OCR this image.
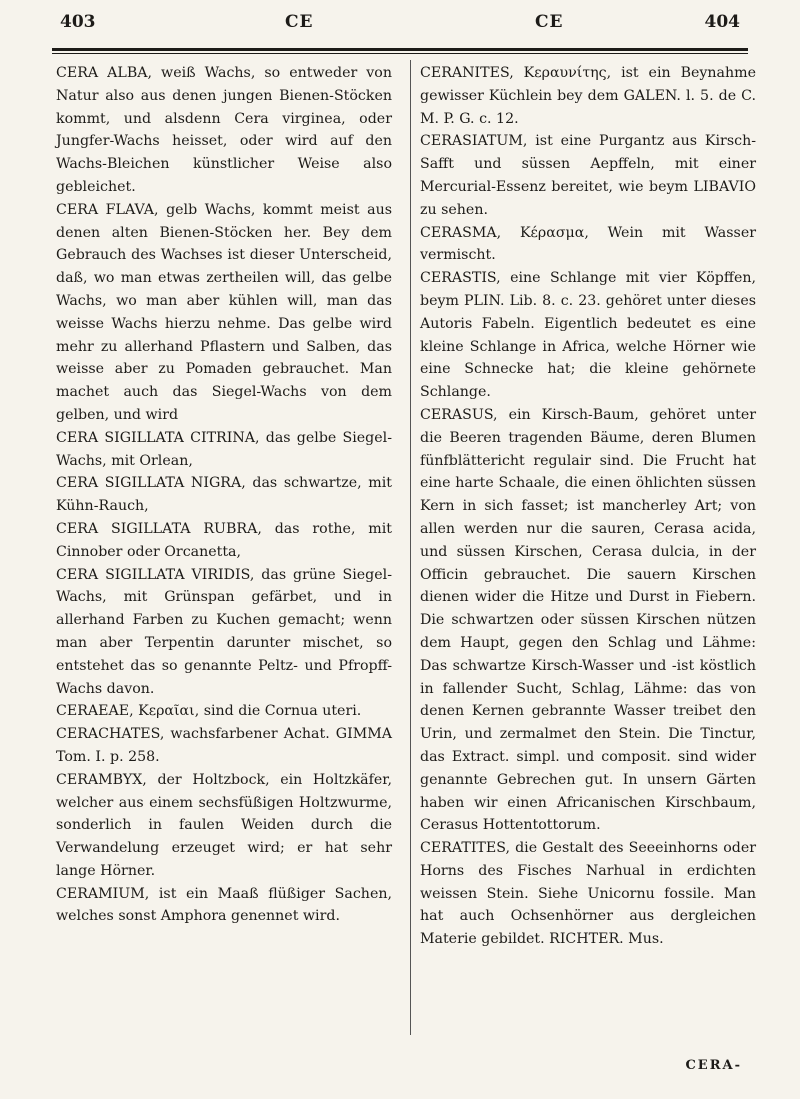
403	CE	CE	404

CERA ALBA, weiß Wachs, so entweder von Natur also aus denen jungen Bienen-Stöcken kommt, und alsdenn Cera virginea, oder Jungfer-Wachs heisset, oder wird auf den Wachs-Bleichen künstlicher Weise also gebleichet.

CERA FLAVA, gelb Wachs, kommt meist aus denen alten Bienen-Stöcken her. Bey dem Gebrauch des Wachses ist dieser Unterscheid, daß, wo man etwas zertheilen will, das gelbe Wachs, wo man aber kühlen will, man das weisse Wachs hierzu nehme. Das gelbe wird mehr zu allerhand Pflastern und Salben, das weisse aber zu Pomaden gebrauchet. Man machet auch das Siegel-Wachs von dem gelben, und wird

CERA SIGILLATA CITRINA, das gelbe Siegel-Wachs, mit Orlean,

CERA SIGILLATA NIGRA, das schwartze, mit Kühn-Rauch,

CERA SIGILLATA RUBRA, das rothe, mit Cinnober oder Orcanetta,

CERA SIGILLATA VIRIDIS, das grüne Siegel-Wachs, mit Grünspan gefärbet, und in allerhand Farben zu Kuchen gemacht; wenn man aber Terpentin darunter mischet, so entstehet das so genannte Peltz- und Pfropff-Wachs davon.

CERAEAE, Κεραῖαι, sind die Cornua uteri.

CERACHATES, wachsfarbener Achat. GIMMA Tom. I. p. 258.

CERAMBYX, der Holtzbock, ein Holtzkäfer, welcher aus einem sechsfüßigen Holtzwurme, sonderlich in faulen Weiden durch die Verwandelung erzeuget wird; er hat sehr lange Hörner.

CERAMIUM, ist ein Maaß flüßiger Sachen, welches sonst Amphora genennet wird.

CERANITES, Κεραυνίτης, ist ein Beynahme gewisser Küchlein bey dem GALEN. l. 5. de C. M. P. G. c. 12.

CERASIATUM, ist eine Purgantz aus Kirsch-Safft und süssen Aepffeln, mit einer Mercurial-Essenz bereitet, wie beym LIBAVIO zu sehen.

CERASMA, Κέρασμα, Wein mit Wasser vermischt.

CERASTIS, eine Schlange mit vier Köpffen, beym PLIN. Lib. 8. c. 23. gehöret unter dieses Autoris Fabeln. Eigentlich bedeutet es eine kleine Schlange in Africa, welche Hörner wie eine Schnecke hat; die kleine gehörnete Schlange.

CERASUS, ein Kirsch-Baum, gehöret unter die Beeren tragenden Bäume, deren Blumen fünfblättericht regulair sind. Die Frucht hat eine harte Schaale, die einen öhlichten süssen Kern in sich fasset; ist mancherley Art; von allen werden nur die sauren, Cerasa acida, und süssen Kirschen, Cerasa dulcia, in der Officin gebrauchet. Die sauern Kirschen dienen wider die Hitze und Durst in Fiebern. Die schwartzen oder süssen Kirschen nützen dem Haupt, gegen den Schlag und Lähme: Das schwartze Kirsch-Wasser und -ist köstlich in fallender Sucht, Schlag, Lähme: das von denen Kernen gebrannte Wasser treibet den Urin, und zermalmet den Stein. Die Tinctur, das Extract. simpl. und composit. sind wider genannte Gebrechen gut. In unsern Gärten haben wir einen Africanischen Kirschbaum, Cerasus Hottentottorum.

CERATITES, die Gestalt des Seeeinhorns oder Horns des Fisches Narhual in erdichten weissen Stein. Siehe Unicornu fossile. Man hat auch Ochsenhörner aus dergleichen Materie gebildet. RICHTER. Mus.

CERA-
